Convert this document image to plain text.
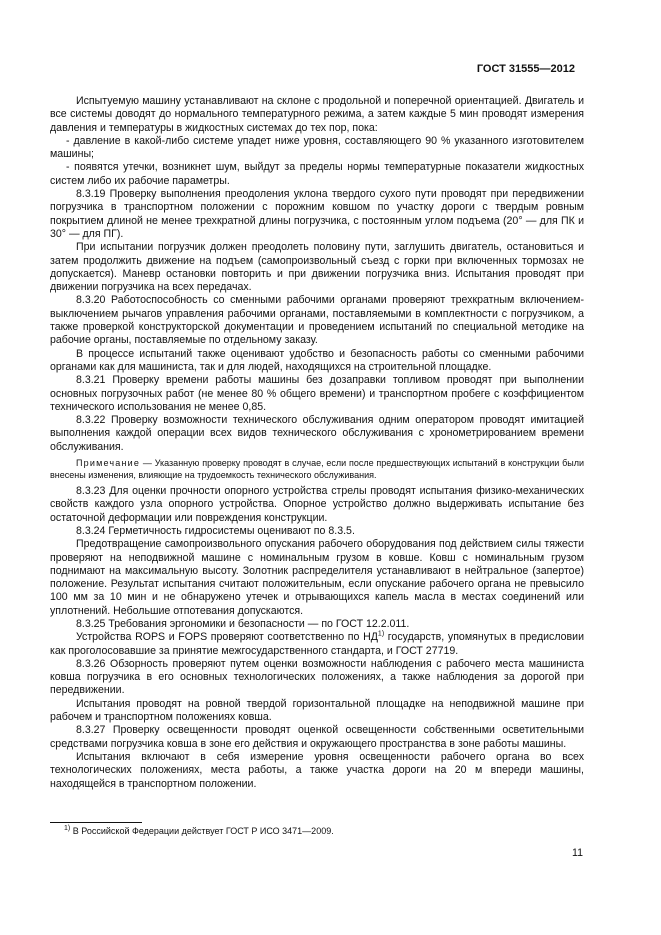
ГОСТ 31555—2012

Испытуемую машину устанавливают на склоне с продольной и поперечной ориентацией. Двигатель и все системы доводят до нормального температурного режима, а затем каждые 5 мин проводят измерения давления и температуры в жидкостных системах до тех пор, пока:

- давление в какой-либо системе упадет ниже уровня, составляющего 90 % указанного изготовителем машины;

- появятся утечки, возникнет шум, выйдут за пределы нормы температурные показатели жидкостных систем либо их рабочие параметры.

8.3.19 Проверку выполнения преодоления уклона твердого сухого пути проводят при передвижении погрузчика в транспортном положении с порожним ковшом по участку дороги с твердым ровным покрытием длиной не менее трехкратной длины погрузчика, с постоянным углом подъема (20° — для ПК и 30° — для ПГ).

При испытании погрузчик должен преодолеть половину пути, заглушить двигатель, остановиться и затем продолжить движение на подъем (самопроизвольный съезд с горки при включенных тормозах не допускается). Маневр остановки повторить и при движении погрузчика вниз. Испытания проводят при движении погрузчика на всех передачах.

8.3.20 Работоспособность со сменными рабочими органами проверяют трехкратным включением-выключением рычагов управления рабочими органами, поставляемыми в комплектности с погрузчиком, а также проверкой конструкторской документации и проведением испытаний по специальной методике на рабочие органы, поставляемые по отдельному заказу.

В процессе испытаний также оценивают удобство и безопасность работы со сменными рабочими органами как для машиниста, так и для людей, находящихся на строительной площадке.

8.3.21 Проверку времени работы машины без дозаправки топливом проводят при выполнении основных погрузочных работ (не менее 80 % общего времени) и транспортном пробеге с коэффициентом технического использования не менее 0,85.

8.3.22 Проверку возможности технического обслуживания одним оператором проводят имитацией выполнения каждой операции всех видов технического обслуживания с хронометрированием времени обслуживания.

Примечание — Указанную проверку проводят в случае, если после предшествующих испытаний в конструкции были внесены изменения, влияющие на трудоемкость технического обслуживания.

8.3.23 Для оценки прочности опорного устройства стрелы проводят испытания физико-механических свойств каждого узла опорного устройства. Опорное устройство должно выдерживать испытание без остаточной деформации или повреждения конструкции.

8.3.24 Герметичность гидросистемы оценивают по 8.3.5.

Предотвращение самопроизвольного опускания рабочего оборудования под действием силы тяжести проверяют на неподвижной машине с номинальным грузом в ковше. Ковш с номинальным грузом поднимают на максимальную высоту. Золотник распределителя устанавливают в нейтральное (запертое) положение. Результат испытания считают положительным, если опускание рабочего органа не превысило 100 мм за 10 мин и не обнаружено утечек и отрывающихся капель масла в местах соединений или уплотнений. Небольшие отпотевания допускаются.

8.3.25 Требования эргономики и безопасности — по ГОСТ 12.2.011.

Устройства ROPS и FOPS проверяют соответственно по НД$^{1)}$ государств, упомянутых в предисловии как проголосовавшие за принятие межгосударственного стандарта, и ГОСТ 27719.

8.3.26 Обзорность проверяют путем оценки возможности наблюдения с рабочего места машиниста ковша погрузчика в его основных технологических положениях, а также наблюдения за дорогой при передвижении.

Испытания проводят на ровной твердой горизонтальной площадке на неподвижной машине при рабочем и транспортном положениях ковша.

8.3.27 Проверку освещенности проводят оценкой освещенности собственными осветительными средствами погрузчика ковша в зоне его действия и окружающего пространства в зоне работы машины.

Испытания включают в себя измерение уровня освещенности рабочего органа во всех технологических положениях, места работы, а также участка дороги на 20 м впереди машины, находящейся в транспортном положении.

$^{1)}$ В Российской Федерации действует ГОСТ Р ИСО 3471—2009.
11
